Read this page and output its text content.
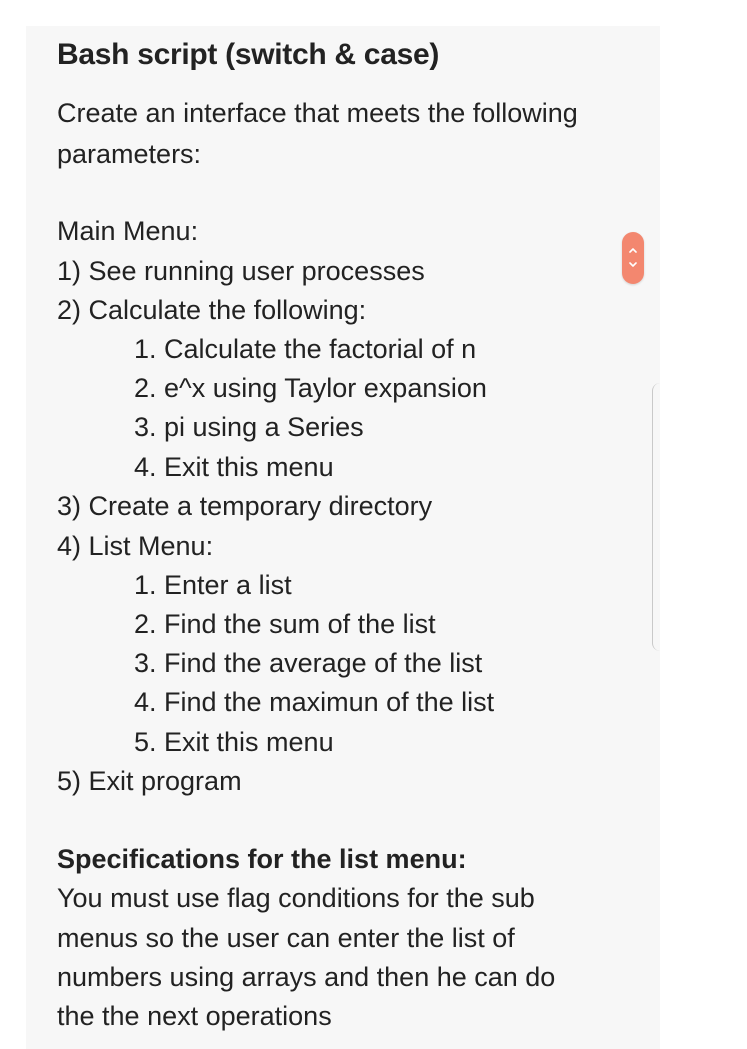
Bash script (switch & case)
Create an interface that meets the following
parameters:
Main Menu:
1) See running user processes
2) Calculate the following:
1. Calculate the factorial of n
2. e^x using Taylor expansion
3. pi using a Series
4. Exit this menu
3) Create a temporary directory
4) List Menu:
1. Enter a list
2. Find the sum of the list
3. Find the average of the list
4. Find the maximun of the list
5. Exit this menu
5) Exit program
Specifications for the list menu:
You must use flag conditions for the sub
menus so the user can enter the list of
numbers using arrays and then he can do
the the next operations
